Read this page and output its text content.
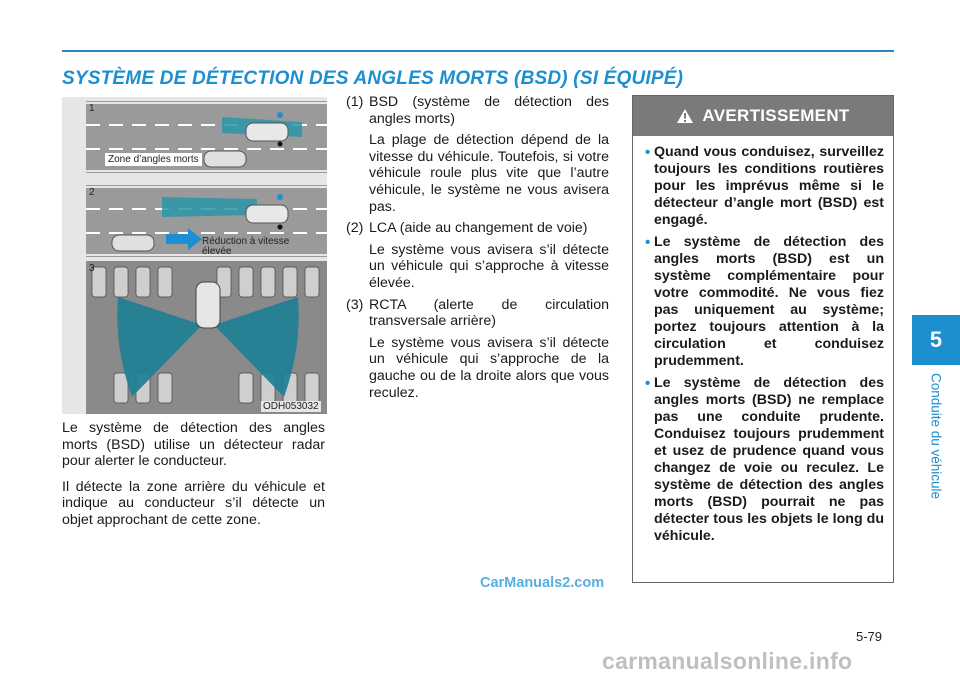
SYSTÈME DE DÉTECTION DES ANGLES MORTS (BSD) (SI ÉQUIPÉ)
1
2
3
Zone d’angles morts
Réduction à vitesse
élevée
ODH053032

Le système de détection des angles morts (BSD) utilise un détecteur radar pour alerter le conducteur.

Il détecte la zone arrière du véhicule et indique au conducteur s’il détecte un objet approchant de cette zone.

(1) BSD (système de détection des angles morts)

La plage de détection dépend de la vitesse du véhicule. Toutefois, si votre véhicule roule plus vite que l’autre véhicule, le système ne vous avisera pas.

(2) LCA (aide au changement de voie)

Le système vous avisera s’il détecte un véhicule qui s’approche à vitesse élevée.

(3) RCTA (alerte de circulation transversale arrière)

Le système vous avisera s’il détecte un véhicule qui s’approche de la gauche ou de la droite alors que vous reculez.

AVERTISSEMENT
• Quand vous conduisez, surveillez toujours les conditions routières pour les imprévus même si le détecteur d’angle mort (BSD) est engagé.
• Le système de détection des angles morts (BSD) est un système complémentaire pour votre commodité. Ne vous fiez pas uniquement au système; portez toujours attention à la circulation et conduisez prudemment.
• Le système de détection des angles morts (BSD) ne remplace pas une conduite prudente. Conduisez toujours prudemment et usez de prudence quand vous changez de voie ou reculez. Le système de détection des angles morts (BSD) pourrait ne pas détecter tous les objets le long du véhicule.
5
Conduite du véhicule
CarManuals2.com
5-79
carmanualsonline.info
